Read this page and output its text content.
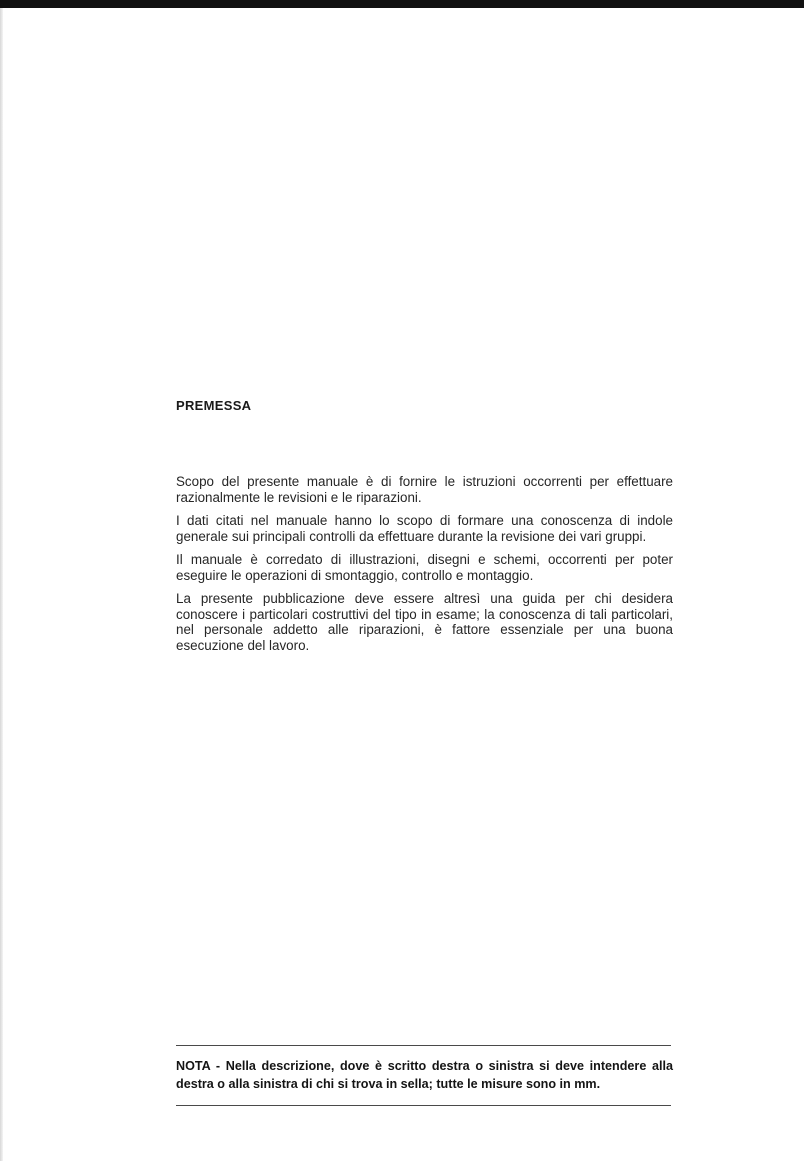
PREMESSA

Scopo del presente manuale è di fornire le istruzioni occorrenti per effettuare razionalmente le revisioni e le riparazioni.

I dati citati nel manuale hanno lo scopo di formare una conoscenza di indole generale sui principali controlli da effettuare durante la revisione dei vari gruppi.

Il manuale è corredato di illustrazioni, disegni e schemi, occorrenti per poter eseguire le operazioni di smontaggio, controllo e montaggio.

La presente pubblicazione deve essere altresì una guida per chi desidera conoscere i particolari costruttivi del tipo in esame; la conoscenza di tali particolari, nel personale addetto alle riparazioni, è fattore essenziale per una buona esecuzione del lavoro.

NOTA - Nella descrizione, dove è scritto destra o sinistra si deve intendere alla destra o alla sinistra di chi si trova in sella; tutte le misure sono in mm.
